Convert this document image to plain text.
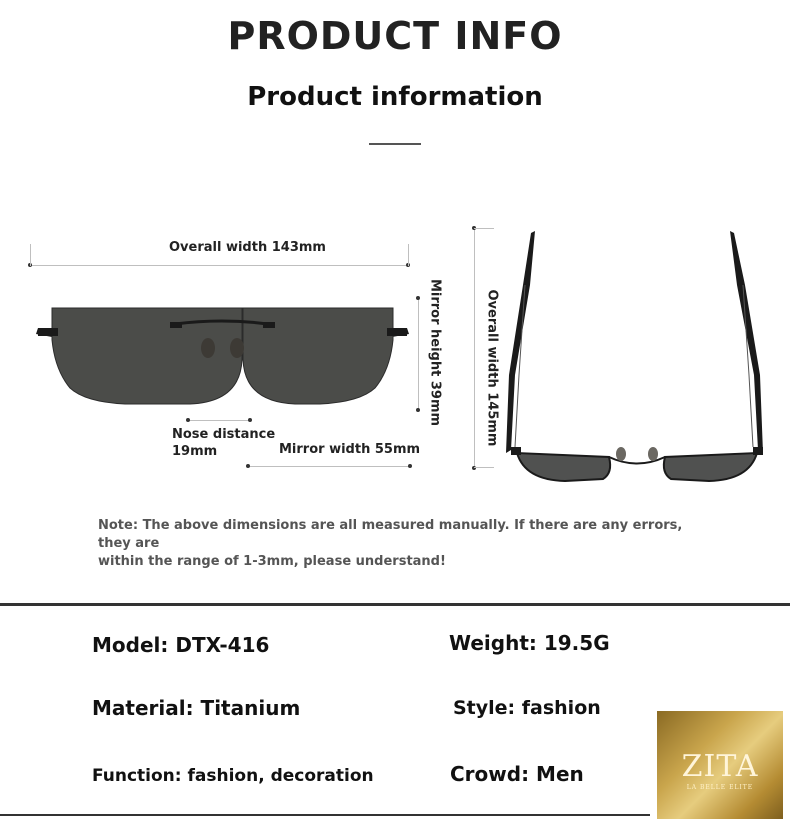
PRODUCT INFO
Product information
Overall width 143mm
Mirror height 39mm
Nose distance
19mm	Mirror width 55mm
Overall width 145mm
Note: The above dimensions are all measured manually. If there are any errors, they are
within the range of 1-3mm, please understand!
Model: DTX-416	Weight: 19.5G
Material: Titanium	Style: fashion
Function: fashion, decoration	Crowd: Men	ZITA
LA BELLE ELITE
